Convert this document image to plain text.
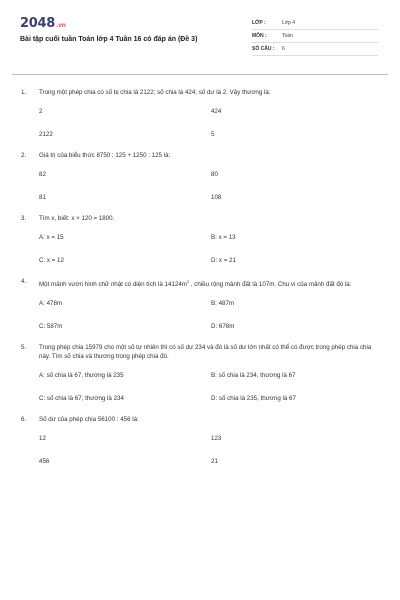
2048.vn
Bài tập cuối tuần Toán lớp 4 Tuần 16 có đáp án (Đề 3)
LỚP :	Lớp 4
MÔN :	Toán
SỐ CÂU :	6
1.	Trong một phép chia có số bị chia là 2122; số chia là 424; số dư là 2. Vậy thương là:
2	424
2122	5
2.	Giá trị của biểu thức 8750 : 125 + 1250 : 125 là:
82	80
81	108
3.	Tìm x, biết: x × 120 = 1800.
A: x = 15	B: x = 13
C: x = 12	D: x = 21
4.	Một mảnh vườn hình chữ nhật có diện tích là $14124m^2$ , chiều rộng mảnh đất là 107m. Chu vi của mảnh đất đó là:
A: 478m	B: 487m
C: 587m	D: 678m
5.	Trong phép chia 15979 cho một số tự nhiên thì có số dư 234 và đó là số dư lớn nhất có thể có được trong phép chia chia này. Tìm số chia và thương trong phép chia đó.
A: số chia là 67, thương là 235	B: số chia là 234, thương là 67
C: số chia là 67, thương là 234	D: số chia là 235, thương là 67
6.	Số dư của phép chia 56100 : 456 là:
12	123
456	21
